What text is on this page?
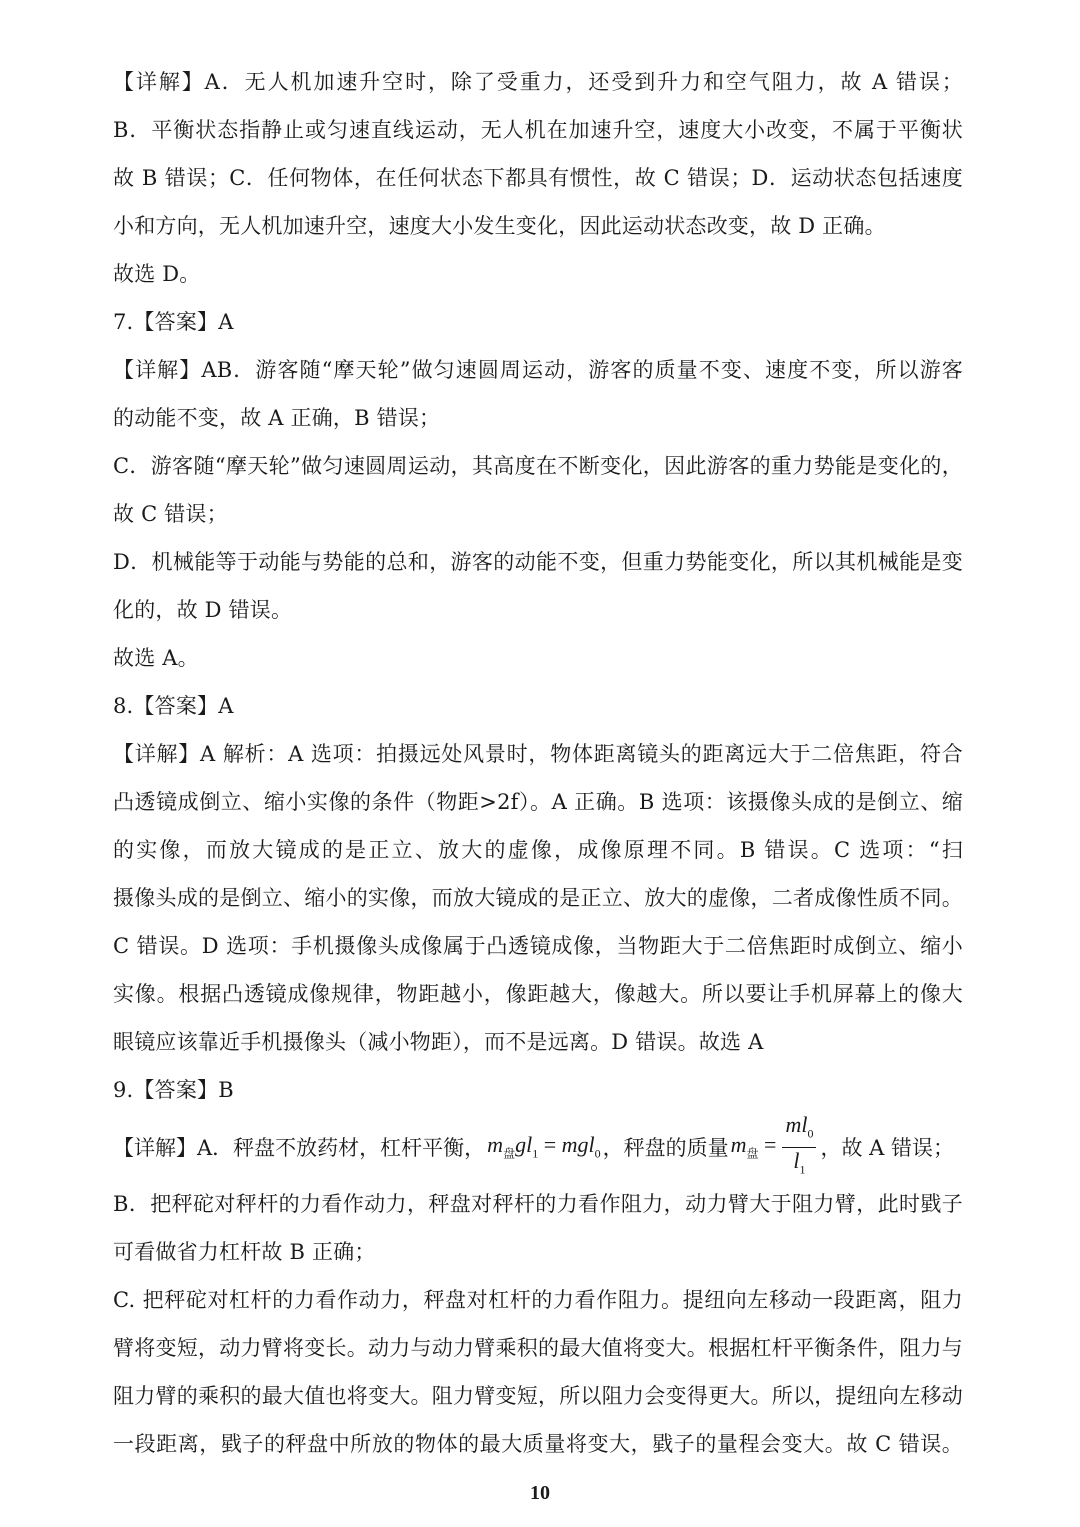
【详解】A．无人机加速升空时，除了受重力，还受到升力和空气阻力，故 A 错误；
B．平衡状态指静止或匀速直线运动，无人机在加速升空，速度大小改变，不属于平衡状
故 B 错误；C．任何物体，在任何状态下都具有惯性，故 C 错误；D．运动状态包括速度
小和方向，无人机加速升空，速度大小发生变化，因此运动状态改变，故 D 正确。
故选 D。
7.【答案】A
【详解】AB．游客随“摩天轮”做匀速圆周运动，游客的质量不变、速度不变，所以游客
的动能不变，故 A 正确，B 错误；
C．游客随“摩天轮”做匀速圆周运动，其高度在不断变化，因此游客的重力势能是变化的，
故 C 错误；
D．机械能等于动能与势能的总和，游客的动能不变，但重力势能变化，所以其机械能是变
化的，故 D 错误。
故选 A。
8.【答案】A
【详解】A 解析：A 选项：拍摄远处风景时，物体距离镜头的距离远大于二倍焦距，符合
凸透镜成倒立、缩小实像的条件（物距>2f）。A 正确。B 选项：该摄像头成的是倒立、缩
的实像，而放大镜成的是正立、放大的虚像，成像原理不同。B 错误。C 选项：“扫
摄像头成的是倒立、缩小的实像，而放大镜成的是正立、放大的虚像，二者成像性质不同。
C 错误。D 选项：手机摄像头成像属于凸透镜成像，当物距大于二倍焦距时成倒立、缩小
实像。根据凸透镜成像规律，物距越小，像距越大，像越大。所以要让手机屏幕上的像大
眼镜应该靠近手机摄像头（减小物距），而不是远离。D 错误。故选 A
9.【答案】B
【详解】A．秤盘不放药材，杠杆平衡， $m_盘gl_1 = mgl_0$ ，秤盘的质量 $m_盘 = \frac{ml_0}{l_1}$ ，故 A 错误；
B．把秤砣对秤杆的力看作动力，秤盘对秤杆的力看作阻力，动力臂大于阻力臂，此时戥子
可看做省力杠杆故 B 正确；
C. 把秤砣对杠杆的力看作动力，秤盘对杠杆的力看作阻力。提纽向左移动一段距离，阻力
臂将变短，动力臂将变长。动力与动力臂乘积的最大值将变大。根据杠杆平衡条件，阻力与
阻力臂的乘积的最大值也将变大。阻力臂变短，所以阻力会变得更大。所以，提纽向左移动
一段距离，戥子的秤盘中所放的物体的最大质量将变大，戥子的量程会变大。故 C 错误。
10
